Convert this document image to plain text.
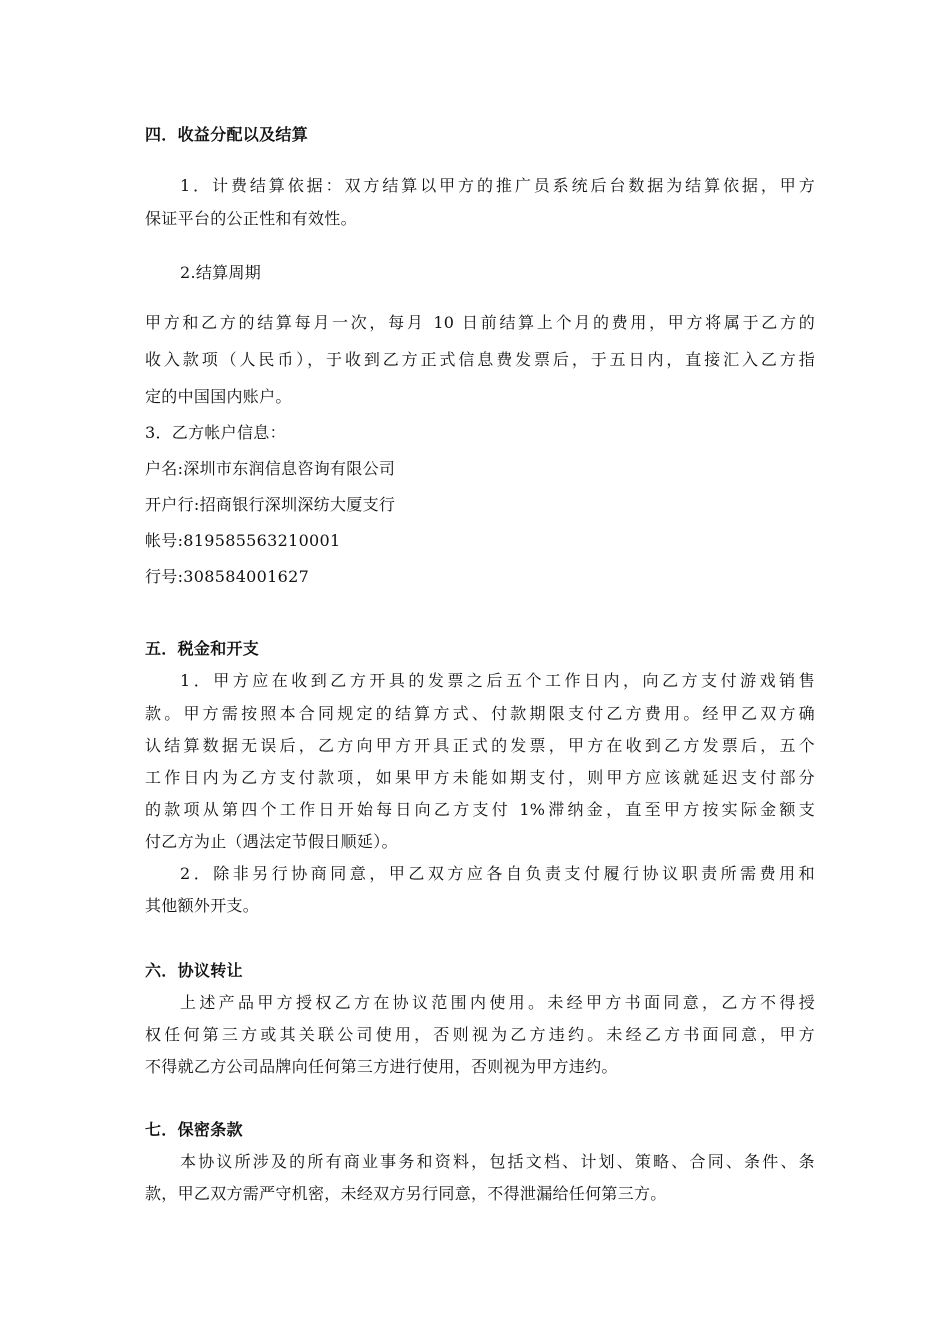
四．收益分配以及结算
1．计费结算依据：双方结算以甲方的推广员系统后台数据为结算依据，甲方
保证平台的公正性和有效性。
2.结算周期
甲方和乙方的结算每月一次，每月 10 日前结算上个月的费用，甲方将属于乙方的
收入款项（人民币），于收到乙方正式信息费发票后，于五日内，直接汇入乙方指
定的中国国内账户。
3．乙方帐户信息：
户名:深圳市东润信息咨询有限公司
开户行:招商银行深圳深纺大厦支行
帐号:819585563210001
行号:308584001627
五．税金和开支
1．甲方应在收到乙方开具的发票之后五个工作日内，向乙方支付游戏销售
款。甲方需按照本合同规定的结算方式、付款期限支付乙方费用。经甲乙双方确
认结算数据无误后，乙方向甲方开具正式的发票，甲方在收到乙方发票后，五个
工作日内为乙方支付款项，如果甲方未能如期支付，则甲方应该就延迟支付部分
的款项从第四个工作日开始每日向乙方支付 1%滞纳金，直至甲方按实际金额支
付乙方为止（遇法定节假日顺延）。
2．除非另行协商同意，甲乙双方应各自负责支付履行协议职责所需费用和
其他额外开支。
六．协议转让
上述产品甲方授权乙方在协议范围内使用。未经甲方书面同意，乙方不得授
权任何第三方或其关联公司使用，否则视为乙方违约。未经乙方书面同意，甲方
不得就乙方公司品牌向任何第三方进行使用，否则视为甲方违约。
七．保密条款
本协议所涉及的所有商业事务和资料，包括文档、计划、策略、合同、条件、条
款，甲乙双方需严守机密，未经双方另行同意，不得泄漏给任何第三方。
